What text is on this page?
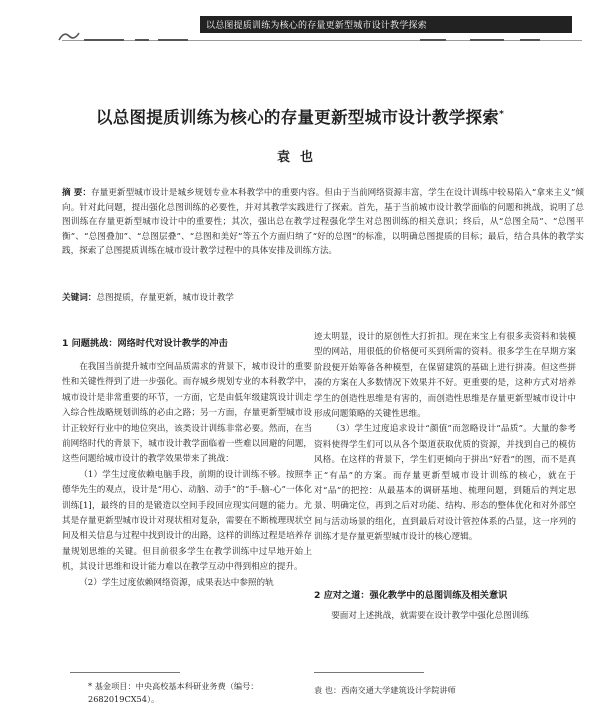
以总图提质训练为核心的存量更新型城市设计教学探索
以总图提质训练为核心的存量更新型城市设计教学探索*
袁也
摘 要：存量更新型城市设计是城乡规划专业本科教学中的重要内容。但由于当前网络资源丰富，学生在设计训练中较易陷入“拿来主义”倾向。针对此问题，提出强化总图训练的必要性，并对其教学实践进行了探索。首先，基于当前城市设计教学面临的问题和挑战，说明了总图训练在存量更新型城市设计中的重要性；其次，强出总在教学过程强化学生对总图训练的相关意识；终后，从“总图全局”、“总图平衡”、“总图叠加”、“总图层叠”、“总图和美好”等五个方面归纳了“好的总图”的标准，以明确总图提质的目标；最后，结合具体的教学实践，探索了总图提质训练在城市设计教学过程中的具体安排及训练方法。
关键词：总图提质，存量更新，城市设计教学
1 问题挑战：网络时代对设计教学的冲击

在我国当前提升城市空间品质需求的背景下，城市设计的重要性和关键性得到了进一步强化。而存城乡规划专业的本科教学中，城市设计是非常重要的环节，一方面，它是由低年级建筑设计训走入综合性战略规划训练的必由之路；另一方面，存量更新型城市设计正较好行业中的地位突出，该类设计训练非常必要。然而，在当前网络时代的背景下，城市设计教学面临着一些难以回避的问题，这些问题给城市设计的教学效果带来了挑战：

（1）学生过度依赖电脑手段，前期的设计训练不够。按照李德华先生的观点，设计是“用心、动脑、动手”的“手-脑-心”一体化训练[1]，最终的目的是锻造以空间手段回应现实问题的能力。尤其是存量更新型城市设计对现状相对复杂，需要在不断梳理现状空间及相关信息与过程中找到设计的出路，这样的训练过程是培养存量规划思维的关键。但目前很多学生在教学训练中过早地开始上机，其设计思维和设计能力难以在教学互动中得到相应的提升。

（2）学生过度依赖网络资源，成果表达中参照的轨

迹太明显，设计的原创性大打折扣。现在来宝上有很多卖资料和装模型的网站，用很低的价格便可买到所需的资料。很多学生在早期方案阶段便开始筹备各种模型，在保留建筑的基础上进行拼凑。但这些拼凑的方案在人多数情况下效果并不好。更重要的是，这种方式对培养学生的创造性思维是有害的，而创造性思维是存量更新型城市设计中形成问题策略的关键性思维。

（3）学生过度追求设计“颜值”而忽略设计“品质”。大量的参考资料使得学生们可以从各个渠道获取优质的资源，并找到自己的模仿风格。在这样的背景下，学生们更倾向于拼出“好看”的图，而不是真正“有品”的方案。而存量更新型城市设计训练的核心，就在于对“品”的把控：从最基本的调研基地、梳理问题，到随后的判定思景、明确定位，再到之后对功能、结构、形态的整体优化和对外部空间与活动场景的组化，直到最后对设计管控体系的凸显，这一序列的训练才是存量更新型城市设计的核心逻辑。

2 应对之道：强化教学中的总图训练及相关意识

要面对上述挑战，就需要在设计教学中强化总图训练

* 基金项目：中央高校基本科研业务费（编号：2682019CX54）。
袁 也：西南交通大学建筑设计学院讲师
